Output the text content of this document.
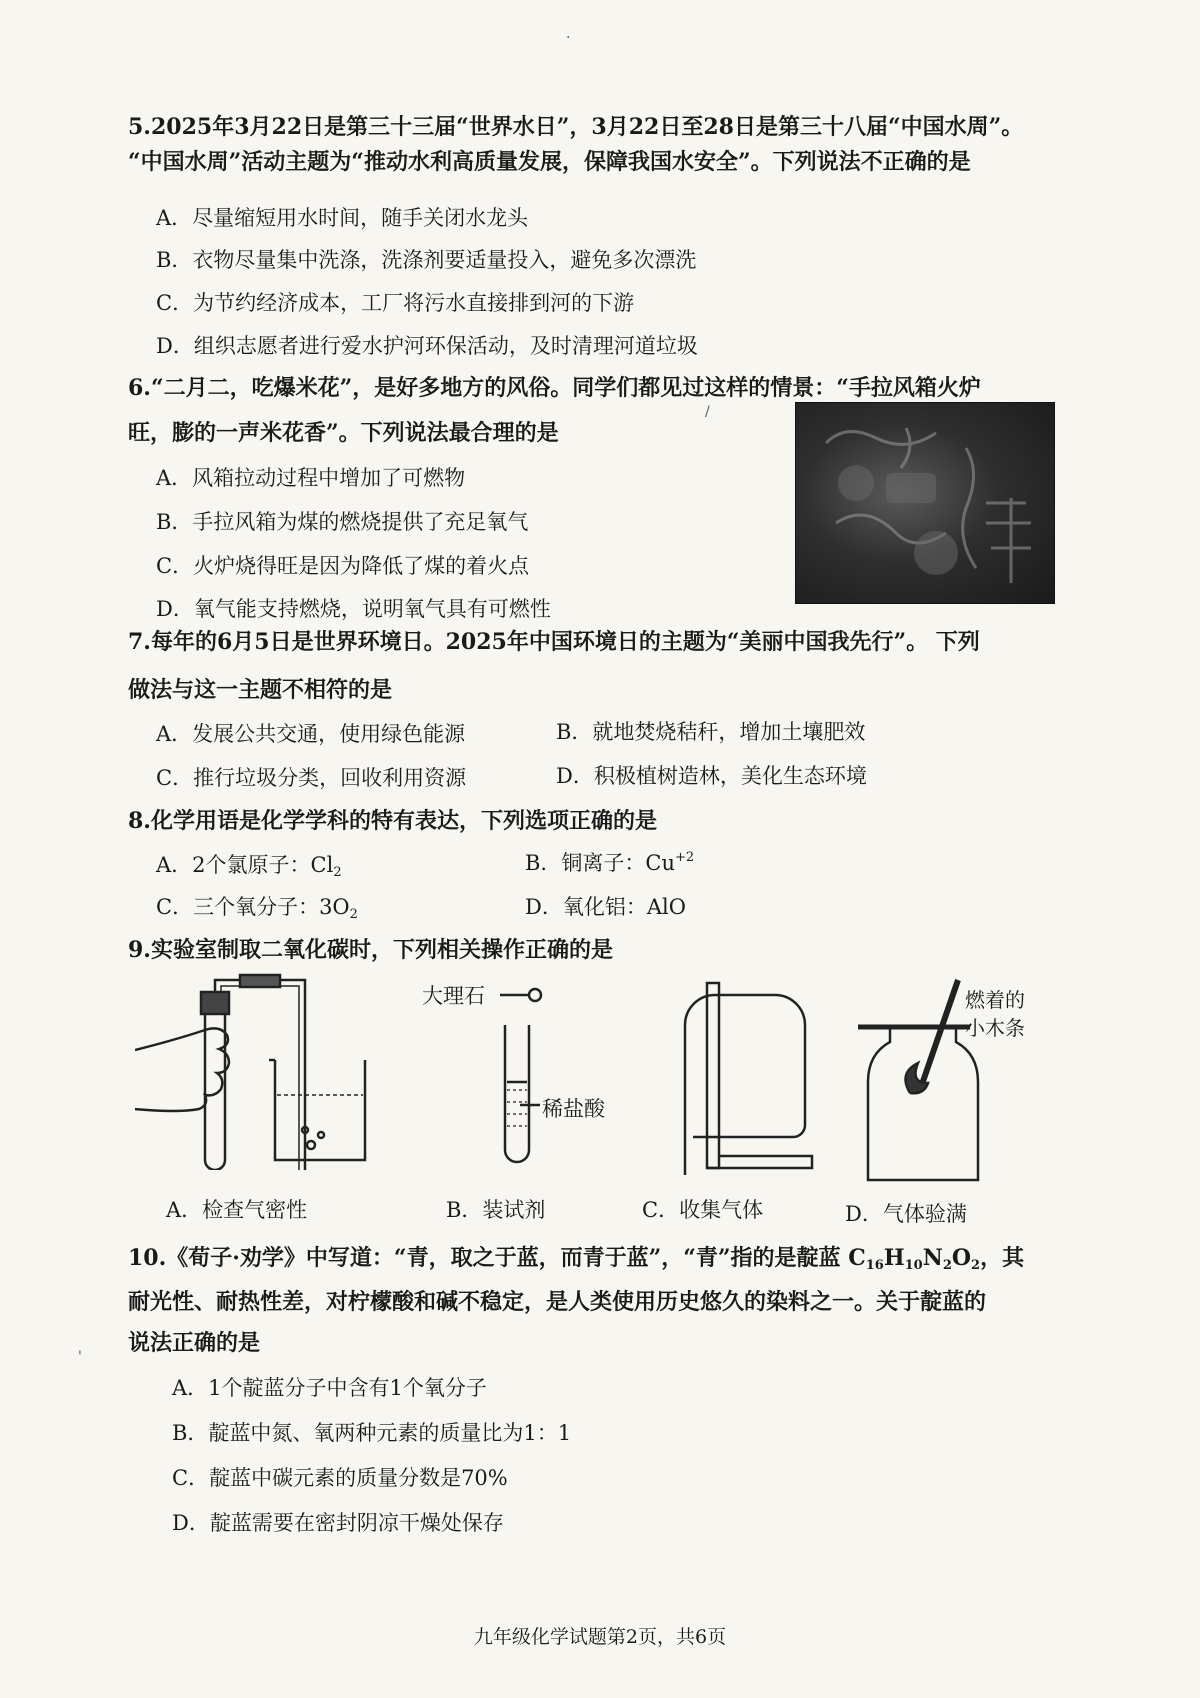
·
/
'
5.2025年3月22日是第三十三届“世界水日”，3月22日至28日是第三十八届“中国水周”。
“中国水周”活动主题为“推动水利高质量发展，保障我国水安全”。下列说法不正确的是
A．尽量缩短用水时间，随手关闭水龙头
B．衣物尽量集中洗涤，洗涤剂要适量投入，避免多次漂洗
C．为节约经济成本，工厂将污水直接排到河的下游
D．组织志愿者进行爱水护河环保活动，及时清理河道垃圾
6.“二月二，吃爆米花”，是好多地方的风俗。同学们都见过这样的情景：“手拉风箱火炉
旺，膨的一声米花香”。下列说法最合理的是
A．风箱拉动过程中增加了可燃物
B．手拉风箱为煤的燃烧提供了充足氧气
C．火炉烧得旺是因为降低了煤的着火点
D．氧气能支持燃烧，说明氧气具有可燃性
7.每年的6月5日是世界环境日。2025年中国环境日的主题为“美丽中国我先行”。 下列
做法与这一主题不相符的是
A．发展公共交通，使用绿色能源	B．就地焚烧秸秆，增加土壤肥效
C．推行垃圾分类，回收利用资源	D．积极植树造林，美化生态环境
8.化学用语是化学学科的特有表达，下列选项正确的是
A．2个氯原子：$Cl_2$	B．铜离子：$Cu^{+2}$
C．三个氧分子：$3O_2$	D．氧化铝：AlO
9.实验室制取二氧化碳时，下列相关操作正确的是
大理石
稀盐酸
燃着的
小木条
A．检查气密性	B．装试剂	C．收集气体	D．气体验满
10.《荀子·劝学》中写道：“青，取之于蓝，而青于蓝”，“青”指的是靛蓝 $C_{16}H_{10}N_2O_2$，其
耐光性、耐热性差，对柠檬酸和碱不稳定，是人类使用历史悠久的染料之一。关于靛蓝的
说法正确的是
A．1个靛蓝分子中含有1个氧分子
B．靛蓝中氮、氧两种元素的质量比为1：1
C．靛蓝中碳元素的质量分数是70%
D．靛蓝需要在密封阴凉干燥处保存
九年级化学试题第2页，共6页
